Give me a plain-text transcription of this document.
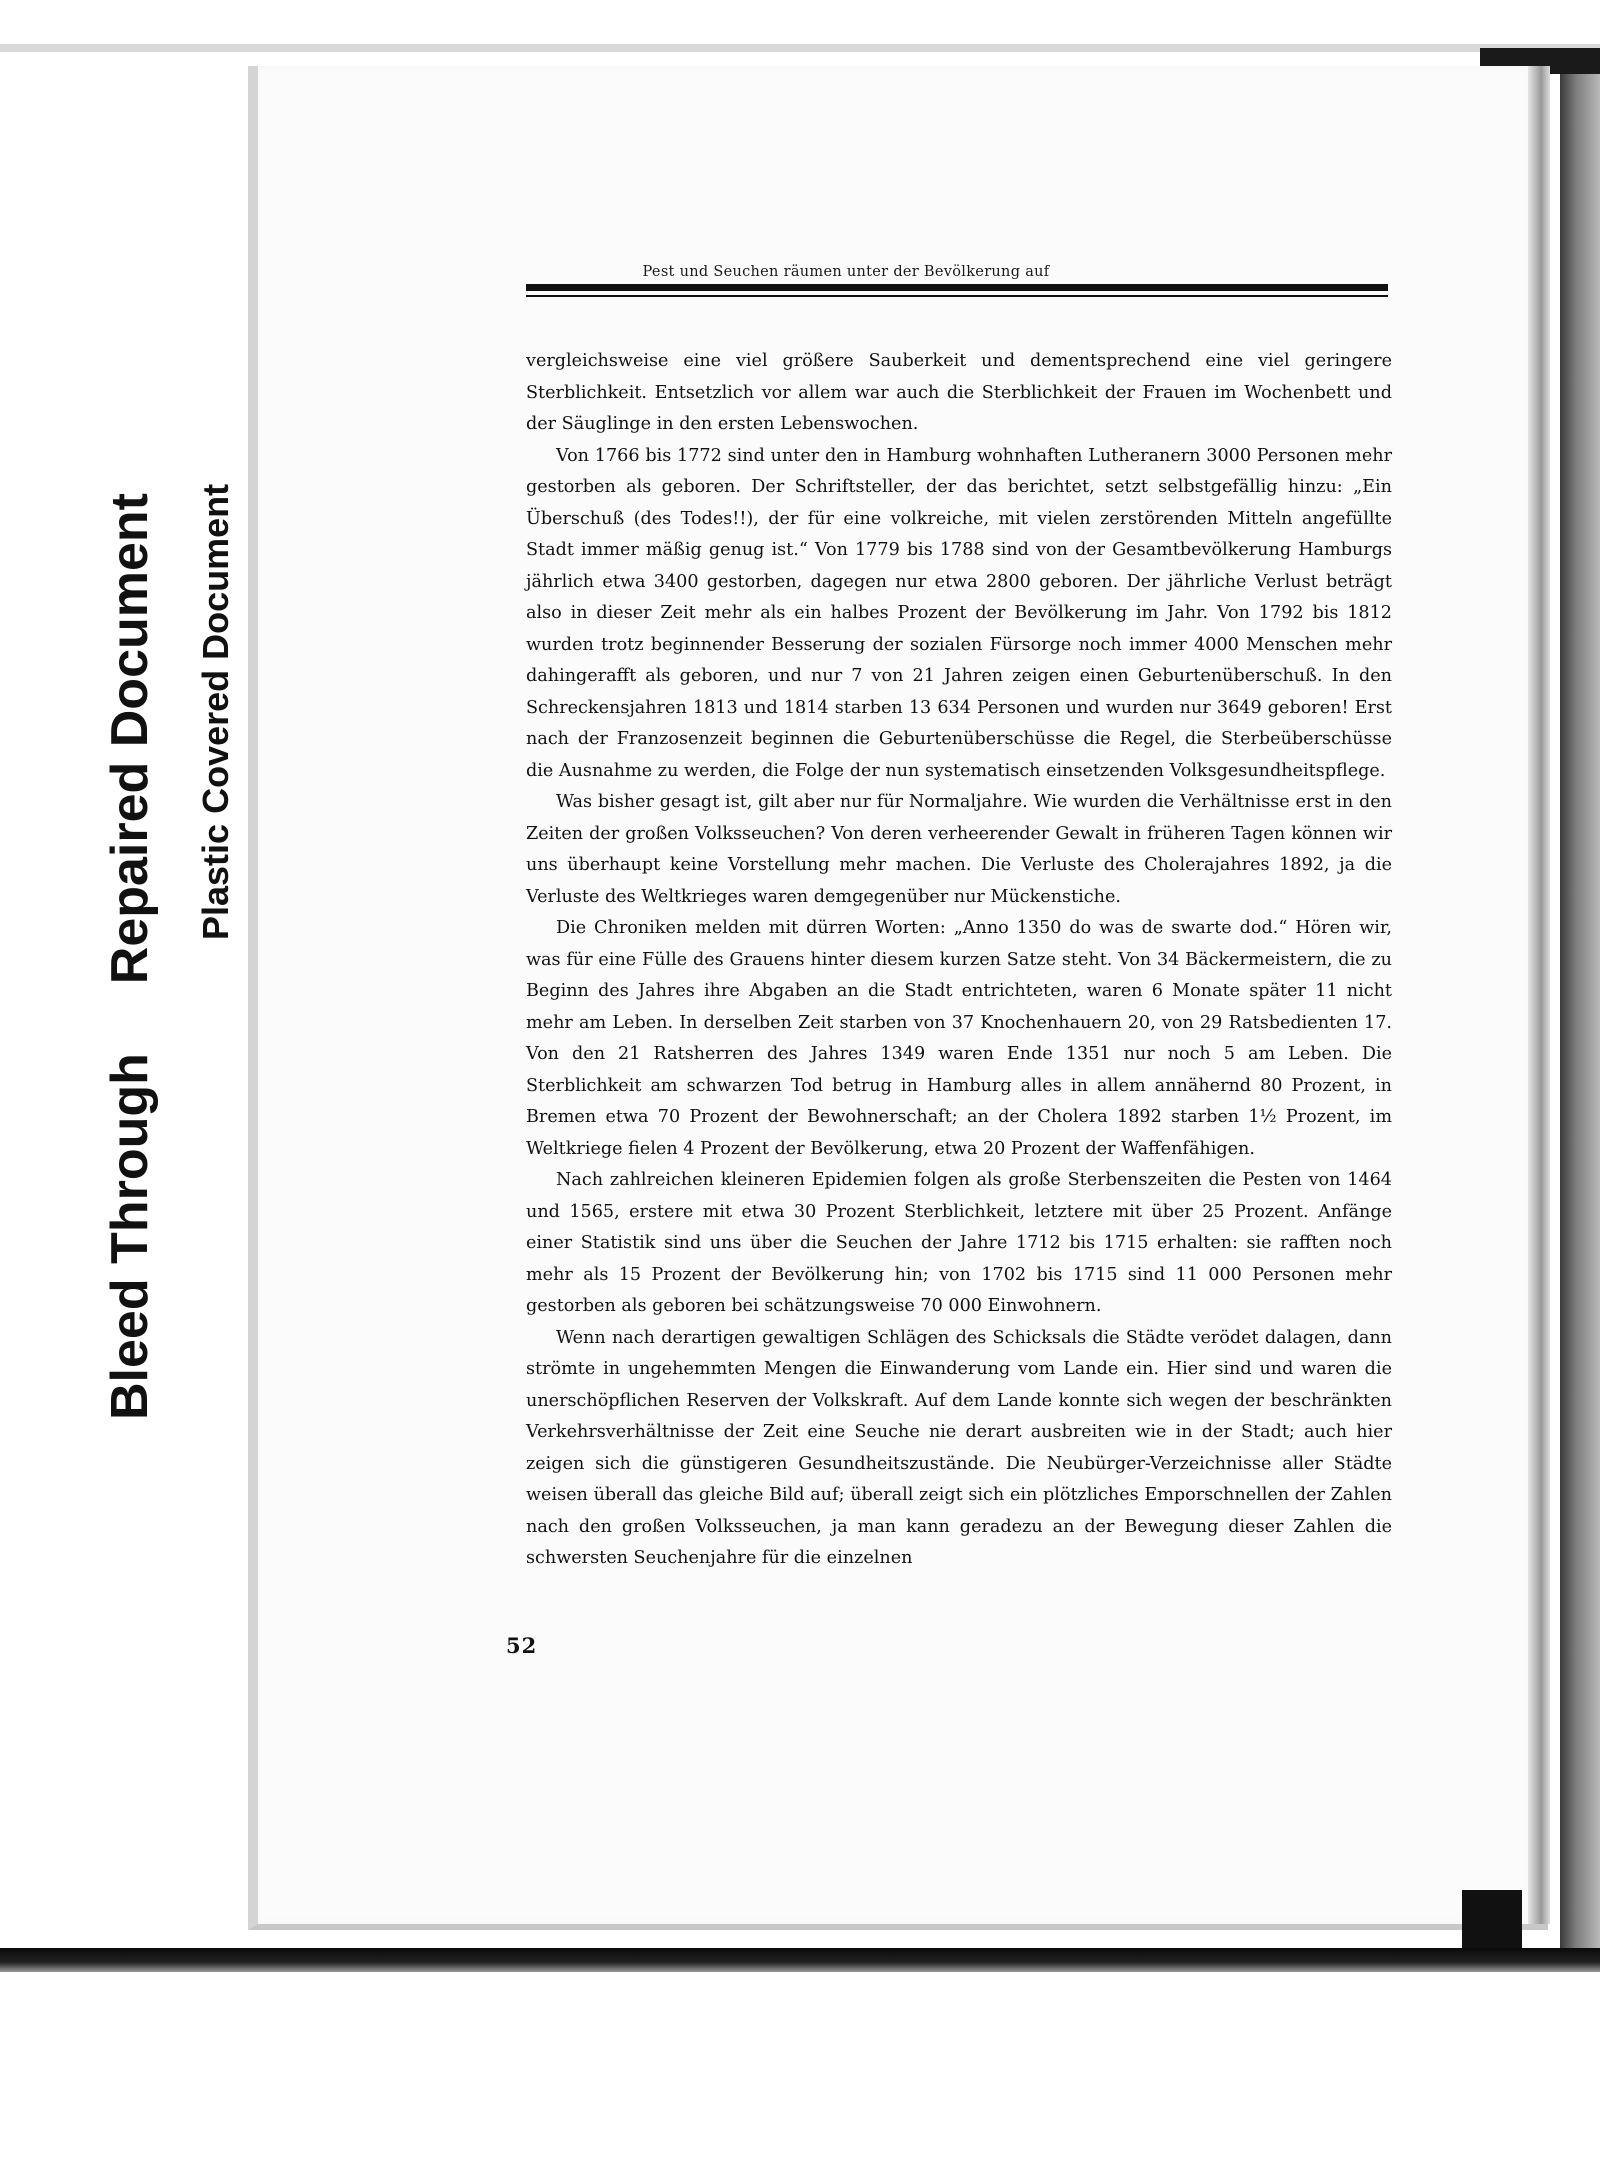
Bleed Through  Repaired Document Plastic Covered Document
Pest und Seuchen räumen unter der Bevölkerung auf

vergleichsweise eine viel größere Sauberkeit und dementsprechend eine viel geringere Sterblichkeit. Entsetzlich vor allem war auch die Sterblichkeit der Frauen im Wochenbett und der Säuglinge in den ersten Lebenswochen.

Von 1766 bis 1772 sind unter den in Hamburg wohnhaften Lutheranern 3000 Personen mehr gestorben als geboren. Der Schriftsteller, der das berichtet, setzt selbstgefällig hinzu: „Ein Überschuß (des Todes!!), der für eine volkreiche, mit vielen zerstörenden Mitteln angefüllte Stadt immer mäßig genug ist.“ Von 1779 bis 1788 sind von der Gesamtbevölkerung Hamburgs jährlich etwa 3400 gestorben, dagegen nur etwa 2800 geboren. Der jährliche Verlust beträgt also in dieser Zeit mehr als ein halbes Prozent der Bevölkerung im Jahr. Von 1792 bis 1812 wurden trotz beginnender Besserung der sozialen Fürsorge noch immer 4000 Menschen mehr dahingerafft als geboren, und nur 7 von 21 Jahren zeigen einen Geburtenüberschuß. In den Schreckensjahren 1813 und 1814 starben 13 634 Personen und wurden nur 3649 geboren! Erst nach der Franzosenzeit beginnen die Geburtenüberschüsse die Regel, die Sterbeüberschüsse die Ausnahme zu werden, die Folge der nun systematisch einsetzenden Volksgesundheitspflege.

Was bisher gesagt ist, gilt aber nur für Normaljahre. Wie wurden die Verhältnisse erst in den Zeiten der großen Volksseuchen? Von deren verheerender Gewalt in früheren Tagen können wir uns überhaupt keine Vorstellung mehr machen. Die Verluste des Cholerajahres 1892, ja die Verluste des Weltkrieges waren demgegenüber nur Mückenstiche.

Die Chroniken melden mit dürren Worten: „Anno 1350 do was de swarte dod.“ Hören wir, was für eine Fülle des Grauens hinter diesem kurzen Satze steht. Von 34 Bäckermeistern, die zu Beginn des Jahres ihre Abgaben an die Stadt entrichteten, waren 6 Monate später 11 nicht mehr am Leben. In derselben Zeit starben von 37 Knochenhauern 20, von 29 Ratsbedienten 17. Von den 21 Ratsherren des Jahres 1349 waren Ende 1351 nur noch 5 am Leben. Die Sterblichkeit am schwarzen Tod betrug in Hamburg alles in allem annähernd 80 Prozent, in Bremen etwa 70 Prozent der Bewohnerschaft; an der Cholera 1892 starben 1½ Prozent, im Weltkriege fielen 4 Prozent der Bevölkerung, etwa 20 Prozent der Waffenfähigen.

Nach zahlreichen kleineren Epidemien folgen als große Sterbenszeiten die Pesten von 1464 und 1565, erstere mit etwa 30 Prozent Sterblichkeit, letztere mit über 25 Prozent. Anfänge einer Statistik sind uns über die Seuchen der Jahre 1712 bis 1715 erhalten: sie rafften noch mehr als 15 Prozent der Bevölkerung hin; von 1702 bis 1715 sind 11 000 Personen mehr gestorben als geboren bei schätzungsweise 70 000 Einwohnern.

Wenn nach derartigen gewaltigen Schlägen des Schicksals die Städte verödet dalagen, dann strömte in ungehemmten Mengen die Einwanderung vom Lande ein. Hier sind und waren die unerschöpflichen Reserven der Volkskraft. Auf dem Lande konnte sich wegen der beschränkten Verkehrsverhältnisse der Zeit eine Seuche nie derart ausbreiten wie in der Stadt; auch hier zeigen sich die günstigeren Gesundheitszustände. Die Neubürger-Verzeichnisse aller Städte weisen überall das gleiche Bild auf; überall zeigt sich ein plötzliches Emporschnellen der Zahlen nach den großen Volksseuchen, ja man kann geradezu an der Bewegung dieser Zahlen die schwersten Seuchenjahre für die einzelnen

52
